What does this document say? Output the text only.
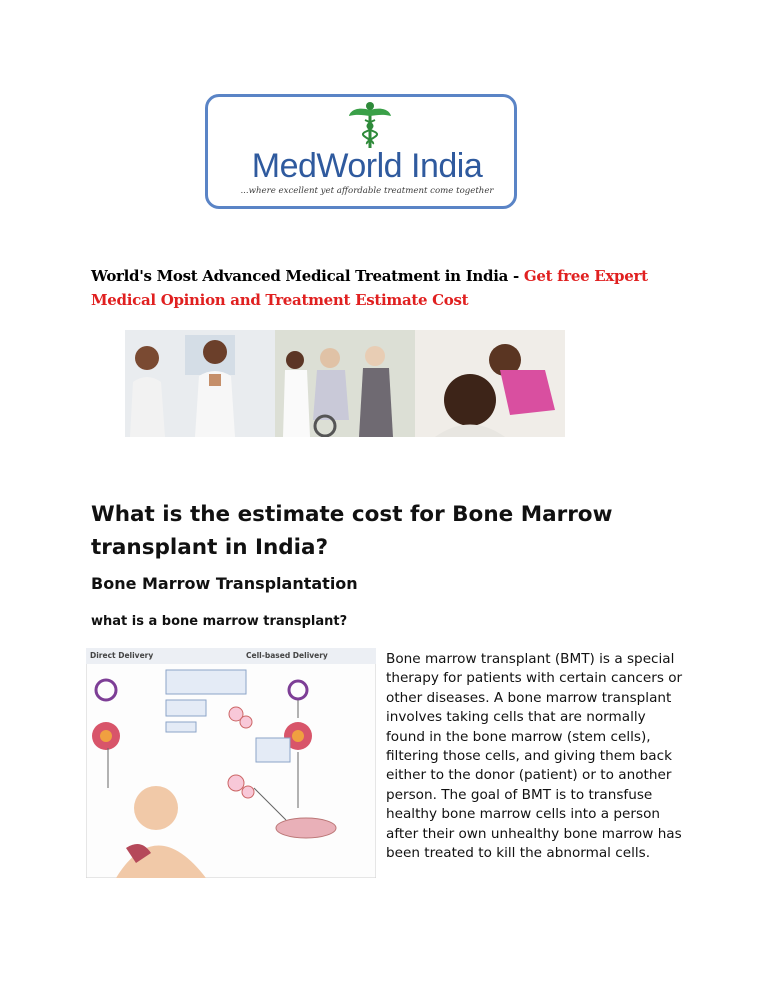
MedWorld India
...where excellent yet affordable treatment come together
World's Most Advanced Medical Treatment in India - Get free Expert Medical Opinion and Treatment Estimate Cost
What is the estimate cost for Bone Marrow transplant in India?
Bone Marrow Transplantation
what is a bone marrow transplant?
Direct Delivery	Cell-based Delivery	Bone marrow transplant (BMT) is a special therapy for patients with certain cancers or other diseases. A bone marrow transplant involves taking cells that are normally found in the bone marrow (stem cells), filtering those cells, and giving them back either to the donor (patient) or to another person. The goal of BMT is to transfuse healthy bone marrow cells into a person after their own unhealthy bone marrow has been treated to kill the abnormal cells.
